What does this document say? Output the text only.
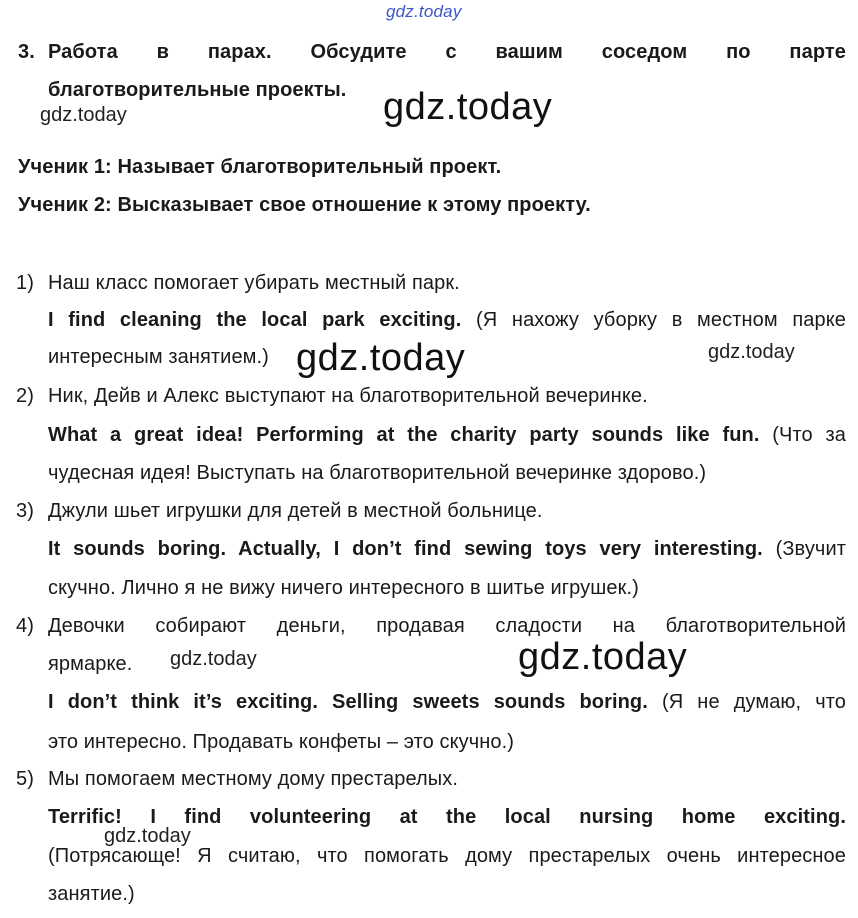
gdz.today
3. Работа в парах. Обсудите с вашим соседом по парте
благотворительные проекты.
gdz.today	gdz.today
Ученик 1: Называет благотворительный проект.
Ученик 2: Высказывает свое отношение к этому проекту.
1) Наш класс помогает убирать местный парк.
I find cleaning the local park exciting. (Я нахожу уборку в местном парке
интересным занятием.) gdz.today	gdz.today
2) Ник, Дейв и Алекс выступают на благотворительной вечеринке.
What a great idea! Performing at the charity party sounds like fun. (Что за
чудесная идея! Выступать на благотворительной вечеринке здорово.)
3) Джули шьет игрушки для детей в местной больнице.
It sounds boring. Actually, I don’t find sewing toys very interesting. (Звучит
скучно. Лично я не вижу ничего интересного в шитье игрушек.)
4) Девочки собирают деньги, продавая сладости на благотворительной
ярмарке. gdz.today	gdz.today
I don’t think it’s exciting. Selling sweets sounds boring. (Я не думаю, что
это интересно. Продавать конфеты – это скучно.)
5) Мы помогаем местному дому престарелых.
Terrific! I find volunteering at the local nursing home exciting.
gdz.today
(Потрясающе! Я считаю, что помогать дому престарелых очень интересное
занятие.)
